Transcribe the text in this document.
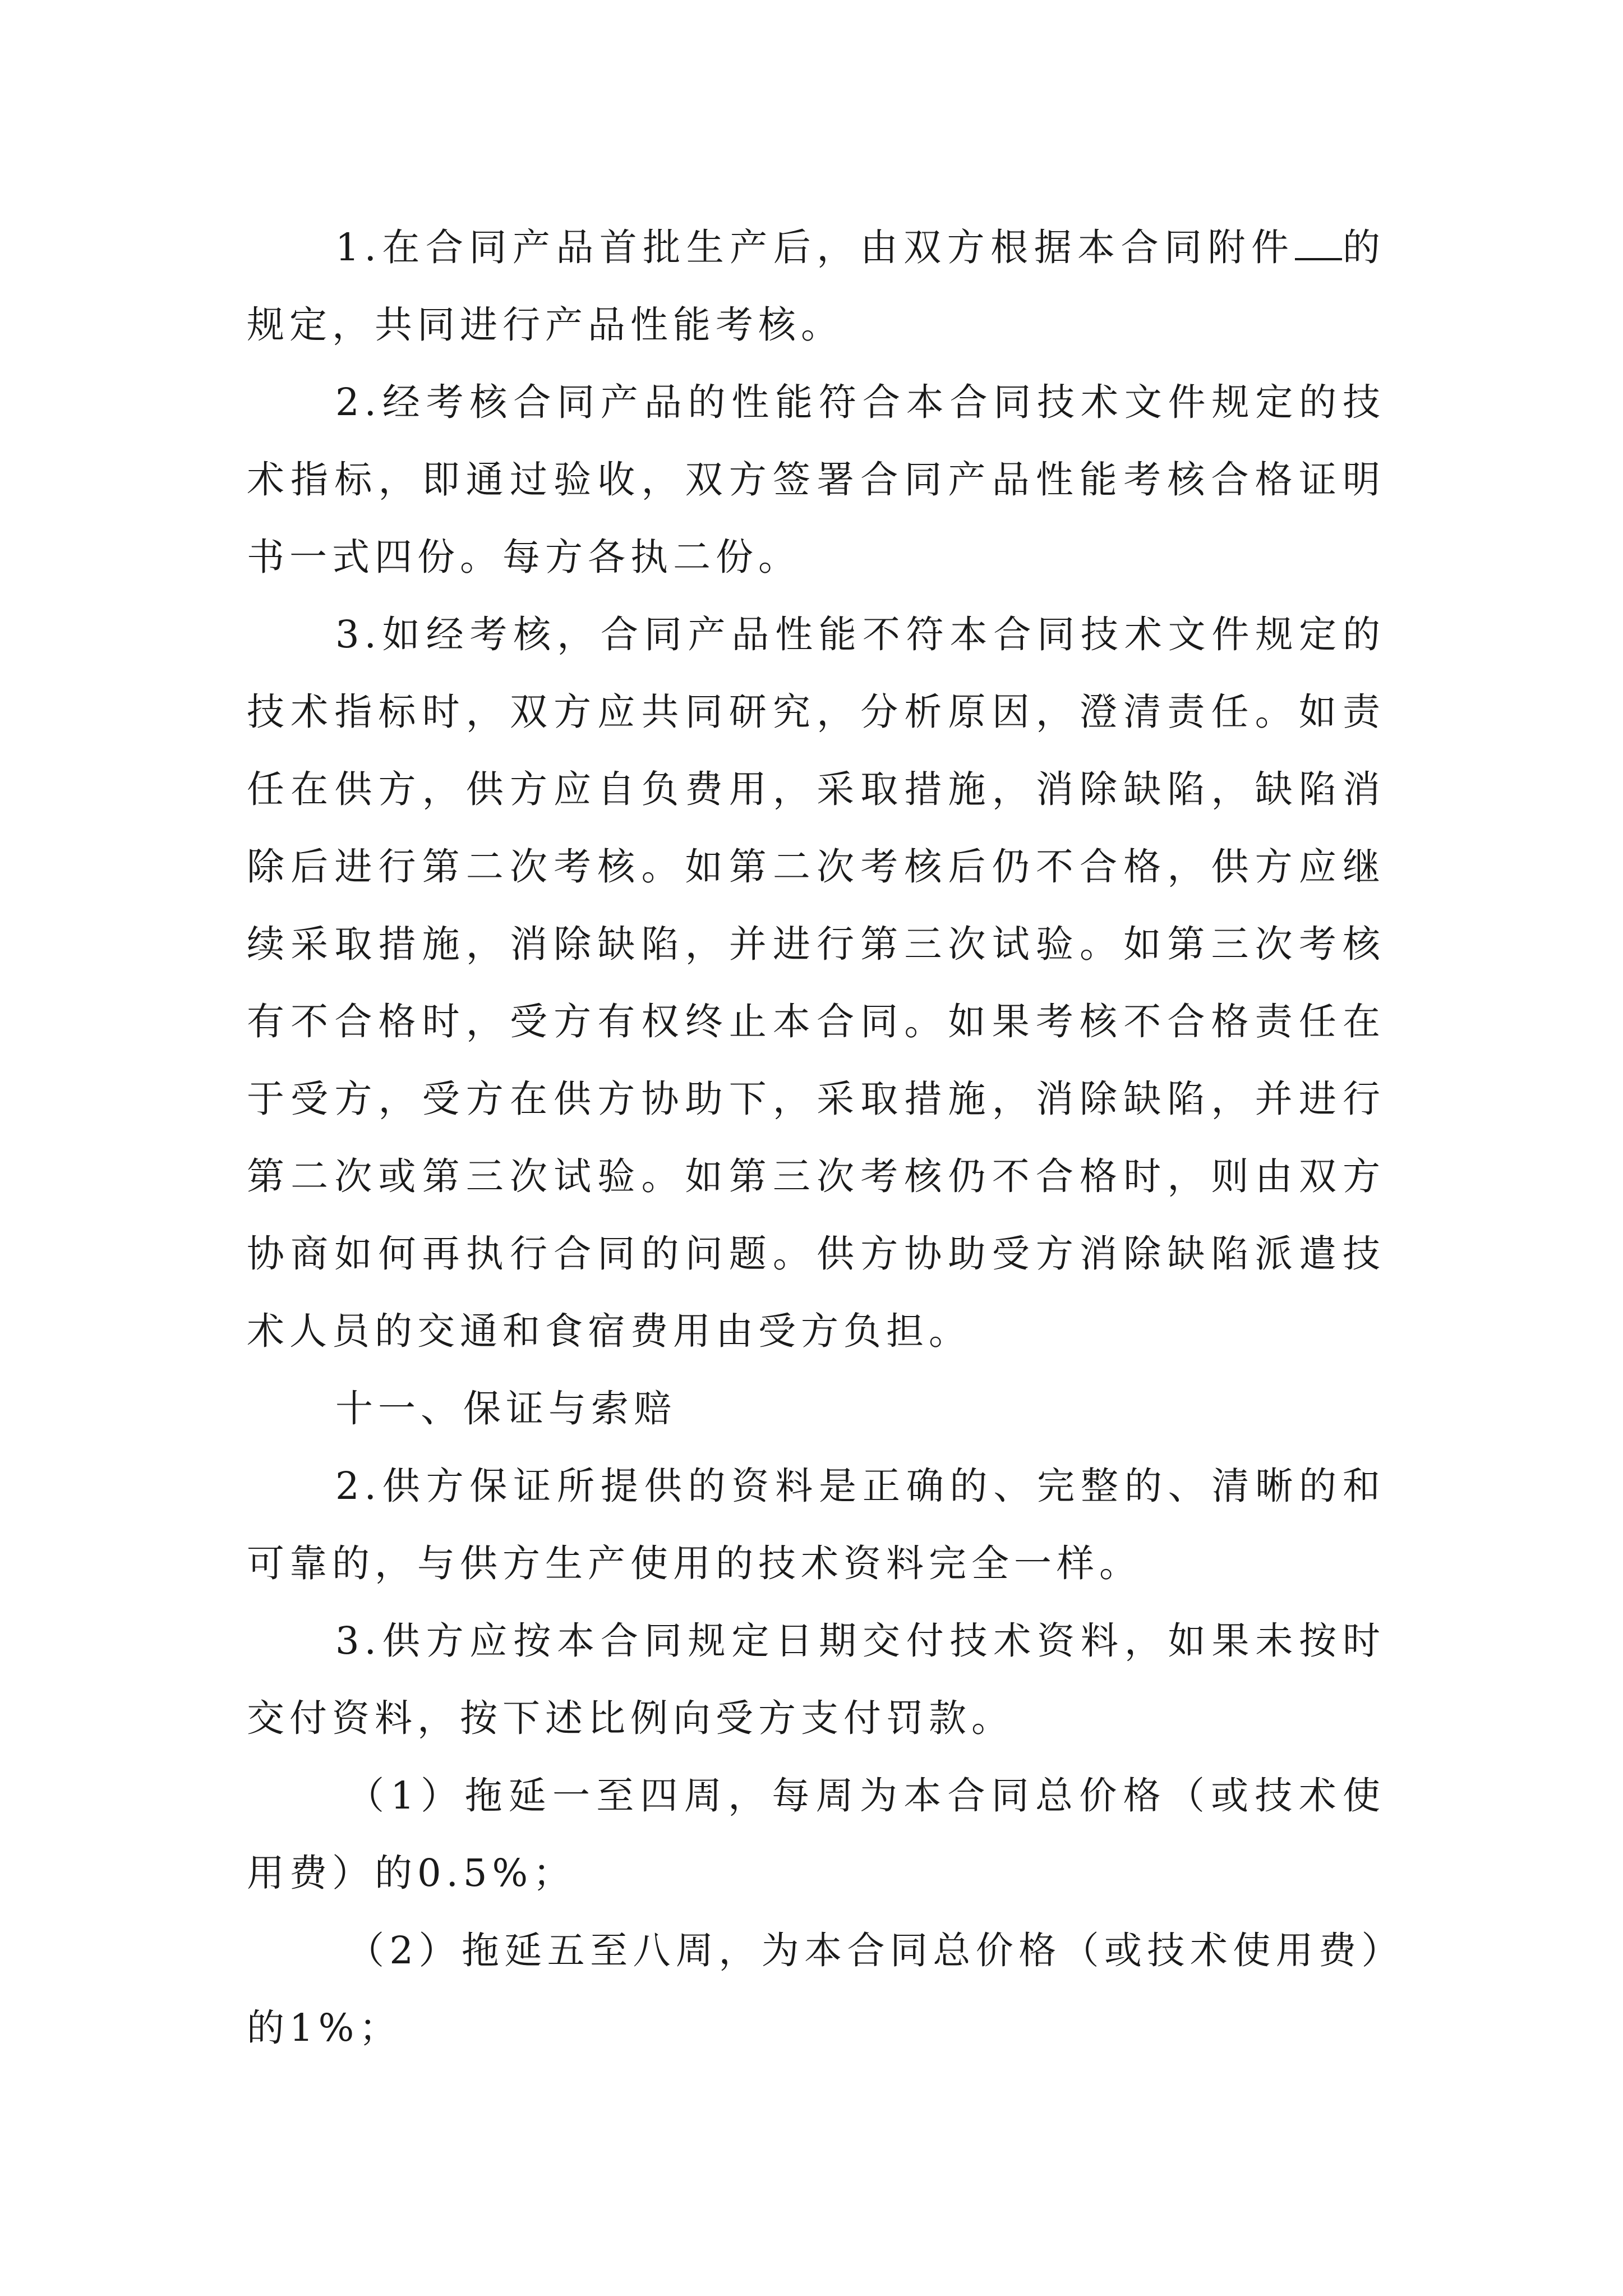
1.在合同产品首批生产后，由双方根据本合同附件 的规定，共同进行产品性能考核。

2.经考核合同产品的性能符合本合同技术文件规定的技术指标，即通过验收，双方签署合同产品性能考核合格证明书一式四份。每方各执二份。

3.如经考核，合同产品性能不符本合同技术文件规定的技术指标时，双方应共同研究，分析原因，澄清责任。如责任在供方，供方应自负费用，采取措施，消除缺陷，缺陷消除后进行第二次考核。如第二次考核后仍不合格，供方应继续采取措施，消除缺陷，并进行第三次试验。如第三次考核有不合格时，受方有权终止本合同。如果考核不合格责任在于受方，受方在供方协助下，采取措施，消除缺陷，并进行第二次或第三次试验。如第三次考核仍不合格时，则由双方协商如何再执行合同的问题。供方协助受方消除缺陷派遣技术人员的交通和食宿费用由受方负担。

十一、保证与索赔

2.供方保证所提供的资料是正确的、完整的、清晰的和可靠的，与供方生产使用的技术资料完全一样。

3.供方应按本合同规定日期交付技术资料，如果未按时交付资料，按下述比例向受方支付罚款。

（1）拖延一至四周，每周为本合同总价格（或技术使用费）的0.5%；

（2）拖延五至八周，为本合同总价格（或技术使用费）的1%；
